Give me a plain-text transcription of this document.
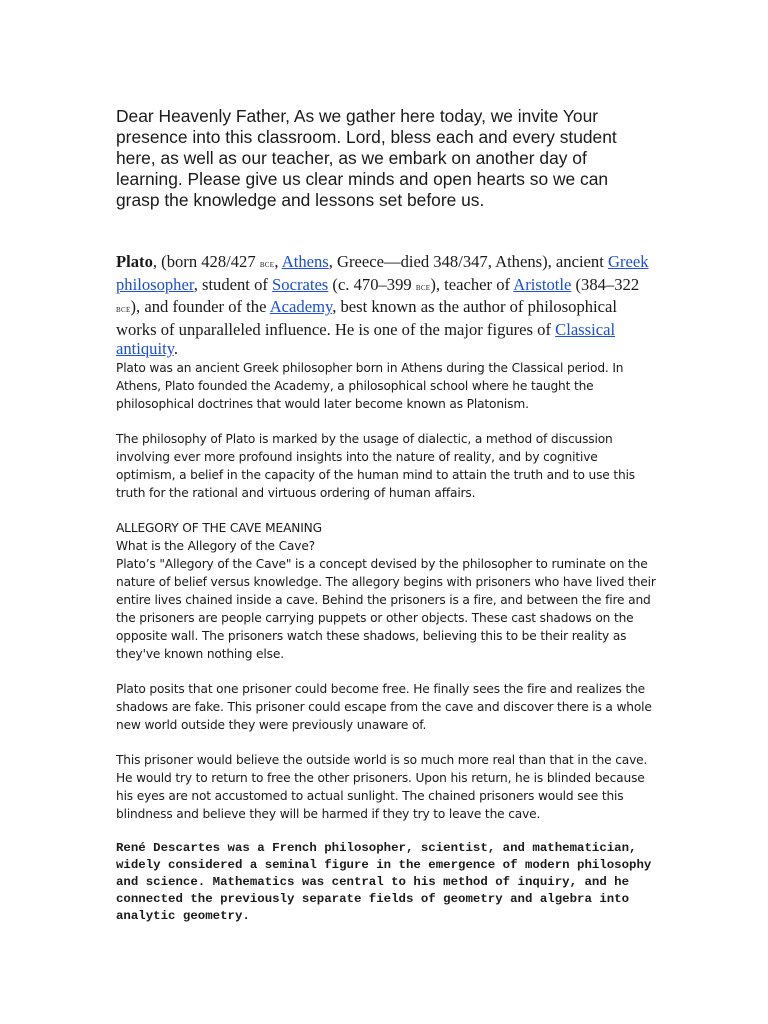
Dear Heavenly Father, As we gather here today, we invite Your presence into this classroom. Lord, bless each and every student here, as well as our teacher, as we embark on another day of learning. Please give us clear minds and open hearts so we can grasp the knowledge and lessons set before us.

Plato, (born 428/427 bce, Athens, Greece—died 348/347, Athens), ancient Greek philosopher, student of Socrates (c. 470–399 bce), teacher of Aristotle (384–322 bce), and founder of the Academy, best known as the author of philosophical works of unparalleled influence. He is one of the major figures of Classical antiquity.

Plato was an ancient Greek philosopher born in Athens during the Classical period. In Athens, Plato founded the Academy, a philosophical school where he taught the philosophical doctrines that would later become known as Platonism.

The philosophy of Plato is marked by the usage of dialectic, a method of discussion involving ever more profound insights into the nature of reality, and by cognitive optimism, a belief in the capacity of the human mind to attain the truth and to use this truth for the rational and virtuous ordering of human affairs.

ALLEGORY OF THE CAVE MEANING

What is the Allegory of the Cave?

Plato’s "Allegory of the Cave" is a concept devised by the philosopher to ruminate on the nature of belief versus knowledge. The allegory begins with prisoners who have lived their entire lives chained inside a cave. Behind the prisoners is a fire, and between the fire and the prisoners are people carrying puppets or other objects. These cast shadows on the opposite wall. The prisoners watch these shadows, believing this to be their reality as they've known nothing else.

Plato posits that one prisoner could become free. He finally sees the fire and realizes the shadows are fake. This prisoner could escape from the cave and discover there is a whole new world outside they were previously unaware of.

This prisoner would believe the outside world is so much more real than that in the cave. He would try to return to free the other prisoners. Upon his return, he is blinded because his eyes are not accustomed to actual sunlight. The chained prisoners would see this blindness and believe they will be harmed if they try to leave the cave.

René Descartes was a French philosopher, scientist, and mathematician, widely considered a seminal figure in the emergence of modern philosophy and science. Mathematics was central to his method of inquiry, and he connected the previously separate fields of geometry and algebra into analytic geometry.
